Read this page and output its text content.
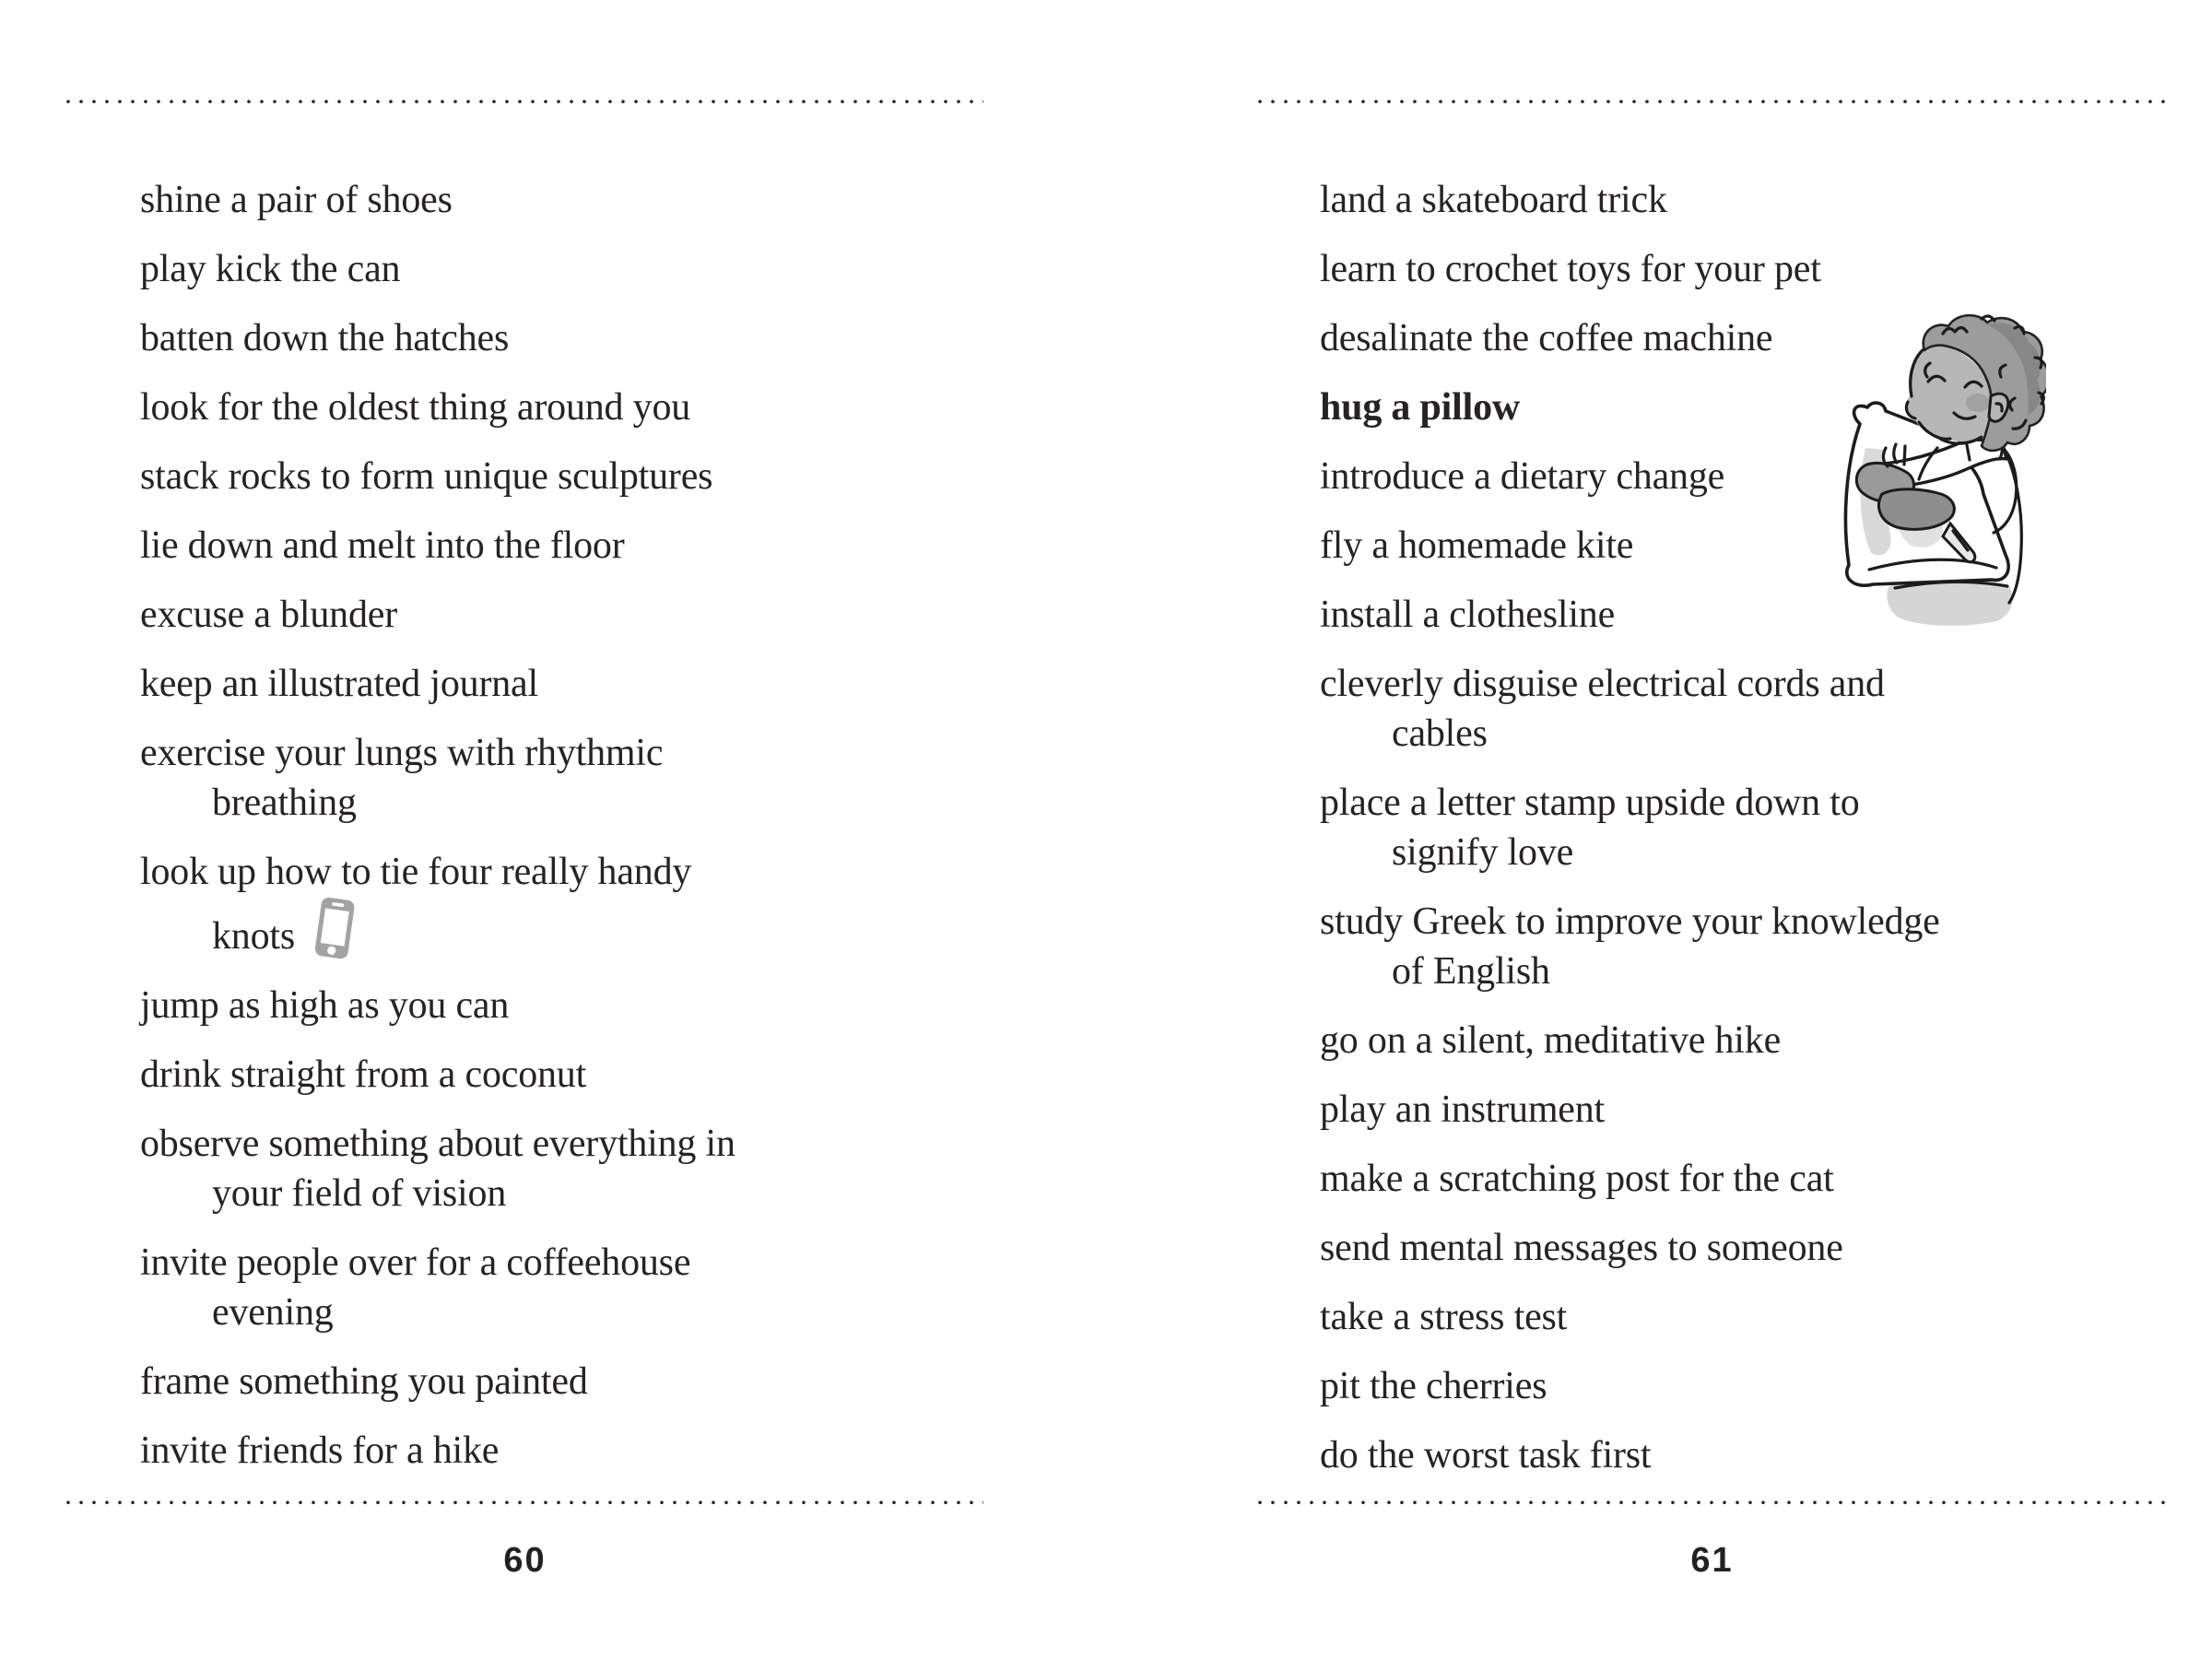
shine a pair of shoes

play kick the can

batten down the hatches

look for the oldest thing around you

stack rocks to form unique sculptures

lie down and melt into the floor

excuse a blunder

keep an illustrated journal

exercise your lungs with rhythmic
breathing

look up how to tie four really handy
knots

jump as high as you can

drink straight from a coconut

observe something about everything in
your field of vision

invite people over for a coffeehouse
evening

frame something you painted

invite friends for a hike

60

land a skateboard trick

learn to crochet toys for your pet

desalinate the coffee machine

hug a pillow

introduce a dietary change

fly a homemade kite

install a clothesline

cleverly disguise electrical cords and
cables

place a letter stamp upside down to
signify love

study Greek to improve your knowledge
of English

go on a silent, meditative hike

play an instrument

make a scratching post for the cat

send mental messages to someone

take a stress test

pit the cherries

do the worst task first

61
